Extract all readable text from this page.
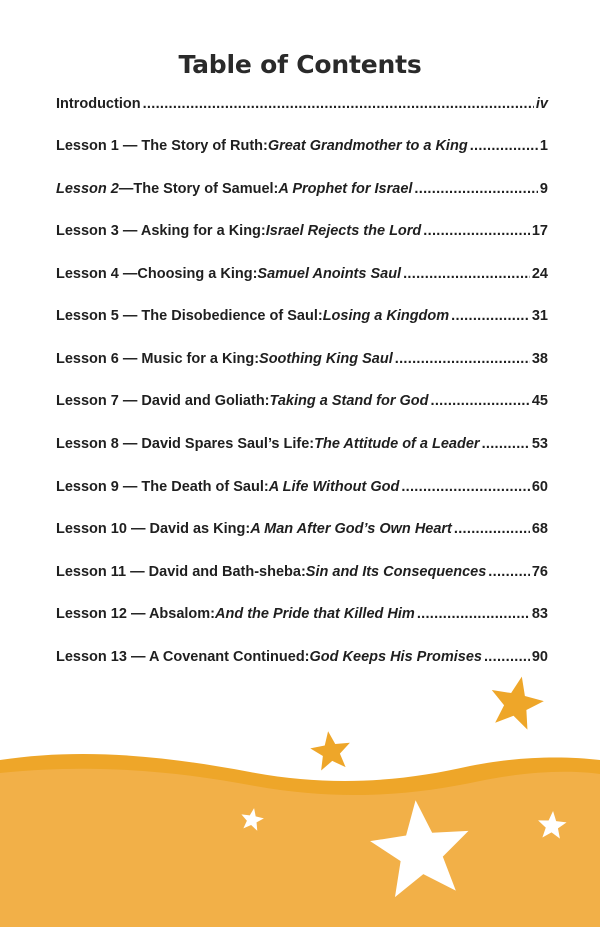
Table of Contents
Introduction .....	iv
Lesson 1 — The Story of Ruth: Great Grandmother to a King .....	1
Lesson 2 —The Story of Samuel: A Prophet for Israel .....	9
Lesson 3 — Asking for a King: Israel Rejects the Lord .....	17
Lesson 4 —Choosing a King: Samuel Anoints Saul .....	24
Lesson 5 — The Disobedience of Saul: Losing a Kingdom .....	31
Lesson 6 — Music for a King: Soothing King Saul .....	38
Lesson 7 — David and Goliath: Taking a Stand for God .....	45
Lesson 8 — David Spares Saul’s Life: The Attitude of a Leader .....	53
Lesson 9 — The Death of Saul: A Life Without God .....	60
Lesson 10 — David as King: A Man After God’s Own Heart .....	68
Lesson 11 — David and Bath-sheba: Sin and Its Consequences .....	76
Lesson 12 — Absalom: And the Pride that Killed Him .....	83
Lesson 13 — A Covenant Continued: God Keeps His Promises .....	90
